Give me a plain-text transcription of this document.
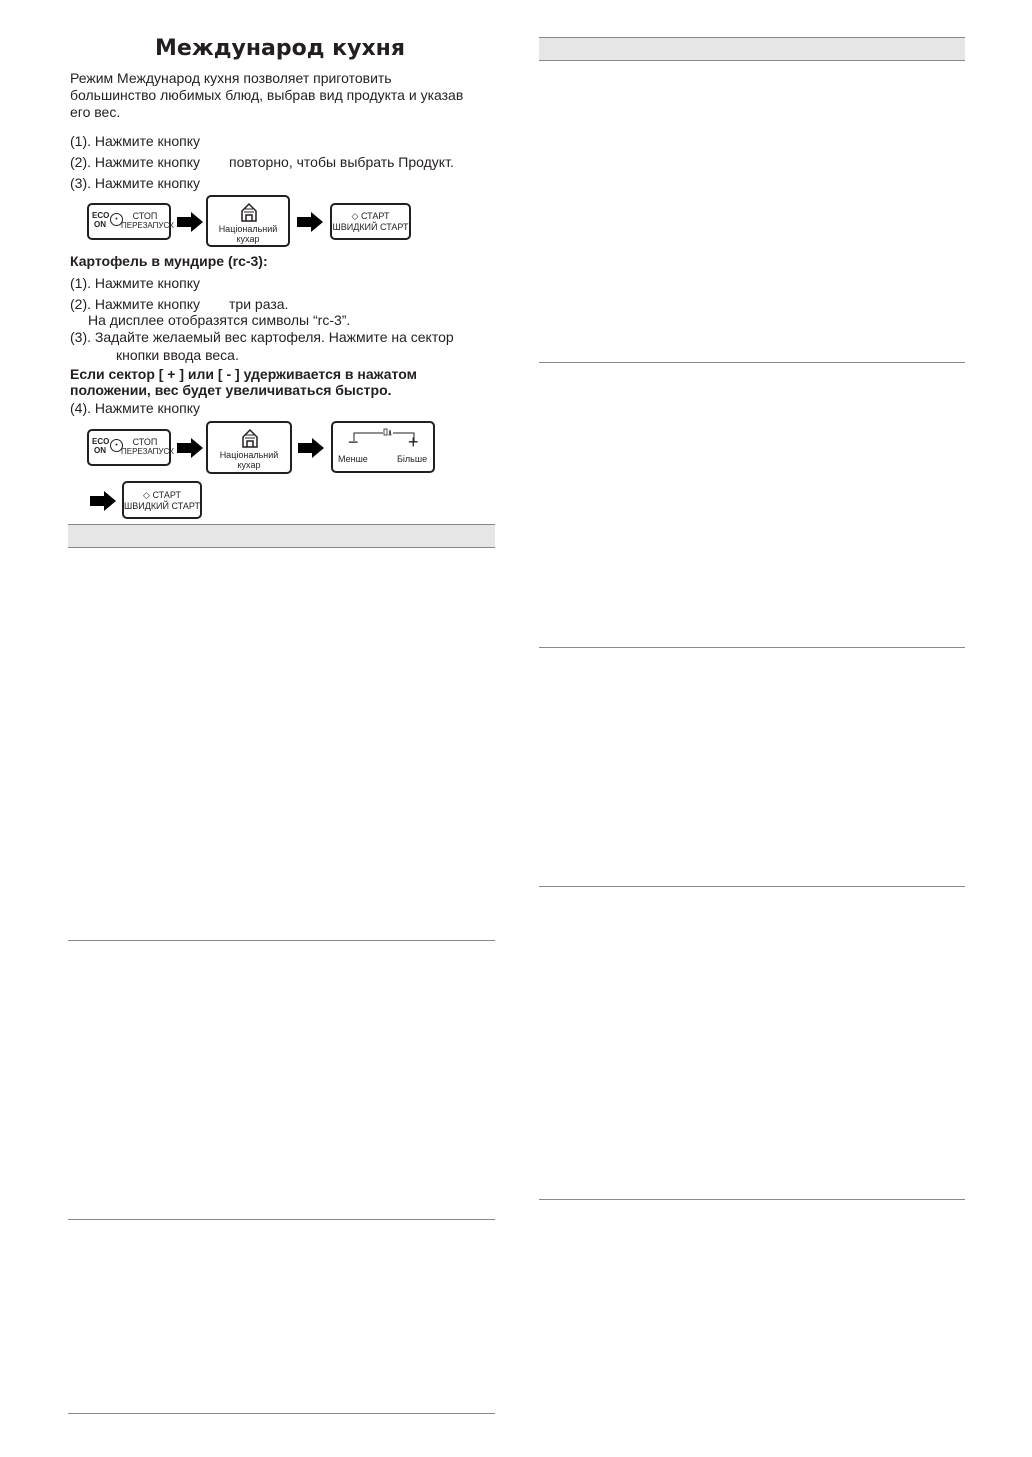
Международ кухня
Режим Международ кухня позволяет приготовить большинство любимых блюд, выбрав вид продукта и указав его вес.
(1). Нажмите кнопку
(2). Нажмите кнопку повторно, чтобы выбрать Продукт.
(3). Нажмите кнопку
ECO
ON
•	СТОП
ПЕРЕЗАПУСК	Національний
кухар
◇ СТАРТ
ШВИДКИЙ СТАРТ
Картофель в мундире (rc-3):
(1). Нажмите кнопку
(2). Нажмите кнопку три раза.
На дисплее отобразятся символы “rc-3”.
(3). Задайте желаемый вес картофеля. Нажмите на сектор
кнопки ввода веса.
Если сектор [ + ] или [ - ] удерживается в нажатом
положении, вес будет увеличиваться быстро.
(4). Нажмите кнопку
ECO
ON
•	СТОП
ПЕРЕЗАПУСК	Національний
кухар
−	+
Менше	Більше
◇ СТАРТ
ШВИДКИЙ СТАРТ
